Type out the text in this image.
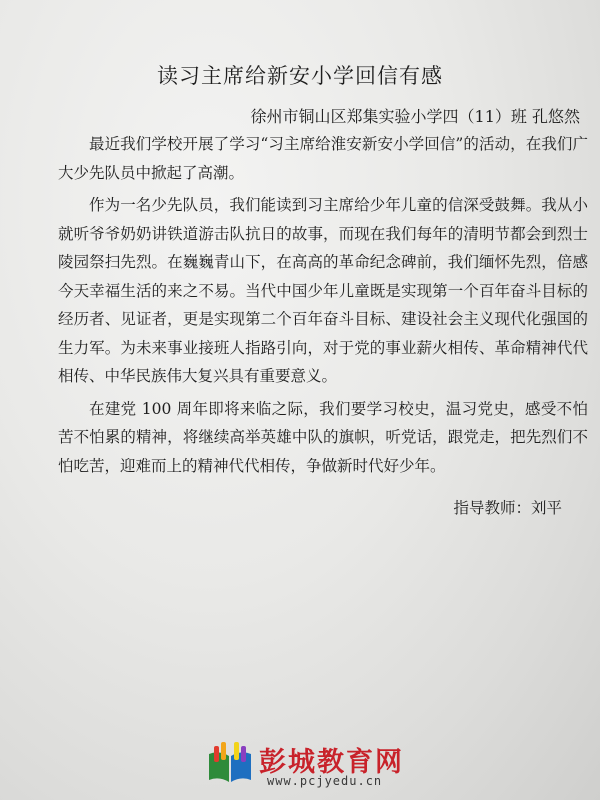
读习主席给新安小学回信有感
徐州市铜山区郑集实验小学四（11）班 孔悠然

最近我们学校开展了学习“习主席给淮安新安小学回信”的活动，在我们广大少先队员中掀起了高潮。

作为一名少先队员，我们能读到习主席给少年儿童的信深受鼓舞。我从小就听爷爷奶奶讲铁道游击队抗日的故事，而现在我们每年的清明节都会到烈士陵园祭扫先烈。在巍巍青山下，在高高的革命纪念碑前，我们缅怀先烈，倍感今天幸福生活的来之不易。当代中国少年儿童既是实现第一个百年奋斗目标的经历者、见证者，更是实现第二个百年奋斗目标、建设社会主义现代化强国的生力军。为未来事业接班人指路引向，对于党的事业薪火相传、革命精神代代相传、中华民族伟大复兴具有重要意义。

在建党 100 周年即将来临之际，我们要学习校史，温习党史，感受不怕苦不怕累的精神，将继续高举英雄中队的旗帜，听党话，跟党走，把先烈们不怕吃苦，迎难而上的精神代代相传，争做新时代好少年。

指导教师：刘平
彭城教育网
www.pcjyedu.cn
